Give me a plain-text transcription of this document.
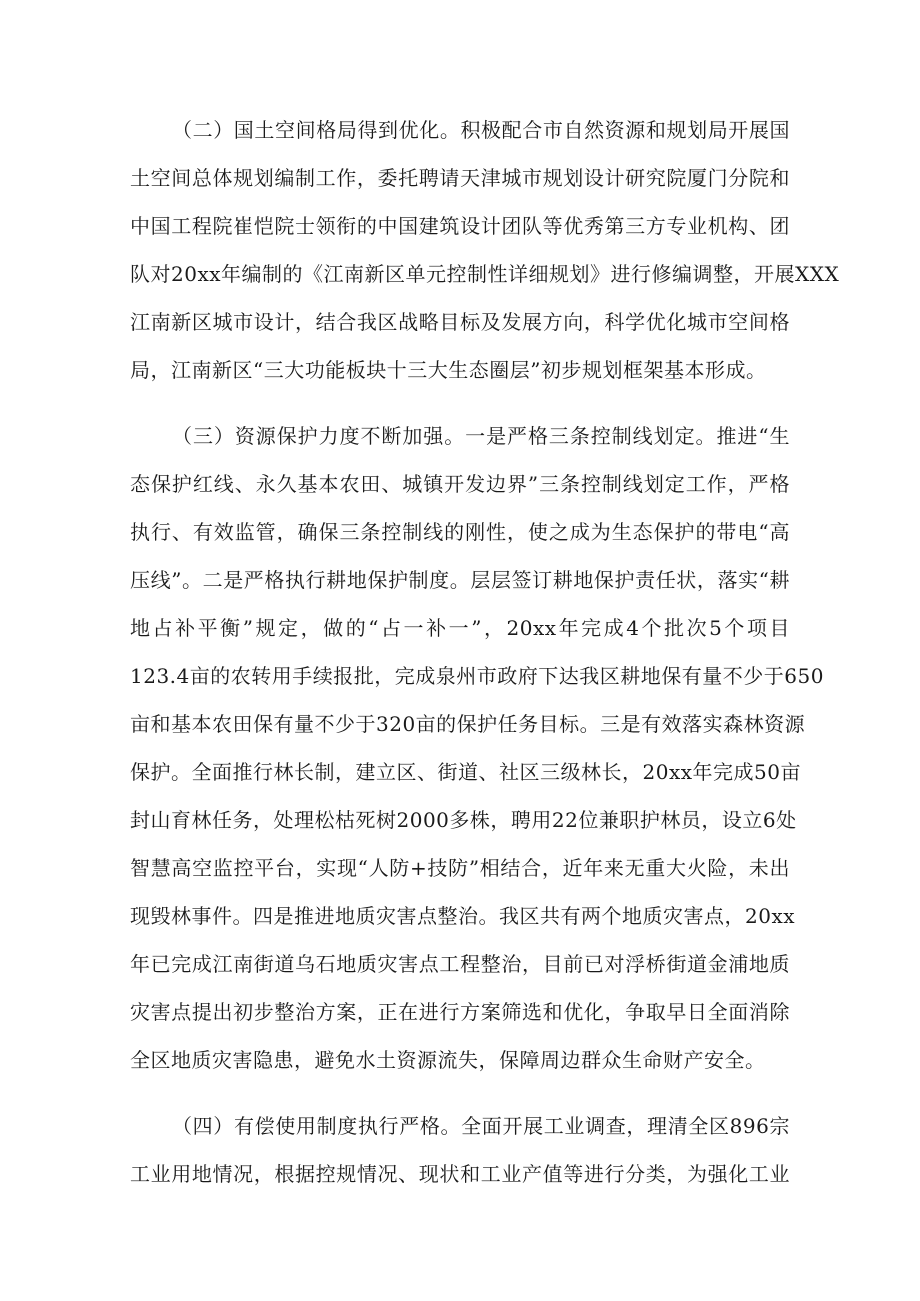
（二）国土空间格局得到优化。积极配合市自然资源和规划局开展国
土空间总体规划编制工作，委托聘请天津城市规划设计研究院厦门分院和
中国工程院崔恺院士领衔的中国建筑设计团队等优秀第三方专业机构、团
队对20xx年编制的《江南新区单元控制性详细规划》进行修编调整，开展XXX
江南新区城市设计，结合我区战略目标及发展方向，科学优化城市空间格
局，江南新区“三大功能板块十三大生态圈层”初步规划框架基本形成。
（三）资源保护力度不断加强。一是严格三条控制线划定。推进“生
态保护红线、永久基本农田、城镇开发边界”三条控制线划定工作，严格
执行、有效监管，确保三条控制线的刚性，使之成为生态保护的带电“高
压线”。二是严格执行耕地保护制度。层层签订耕地保护责任状，落实“耕
地占补平衡”规定，做的“占一补一”，20xx年完成4个批次5个项目
123.4亩的农转用手续报批，完成泉州市政府下达我区耕地保有量不少于650
亩和基本农田保有量不少于320亩的保护任务目标。三是有效落实森林资源
保护。全面推行林长制，建立区、街道、社区三级林长，20xx年完成50亩
封山育林任务，处理松枯死树2000多株，聘用22位兼职护林员，设立6处
智慧高空监控平台，实现“人防+技防”相结合，近年来无重大火险，未出
现毁林事件。四是推进地质灾害点整治。我区共有两个地质灾害点，20xx
年已完成江南街道乌石地质灾害点工程整治，目前已对浮桥街道金浦地质
灾害点提出初步整治方案，正在进行方案筛选和优化，争取早日全面消除
全区地质灾害隐患，避免水土资源流失，保障周边群众生命财产安全。
（四）有偿使用制度执行严格。全面开展工业调查，理清全区896宗
工业用地情况，根据控规情况、现状和工业产值等进行分类，为强化工业
